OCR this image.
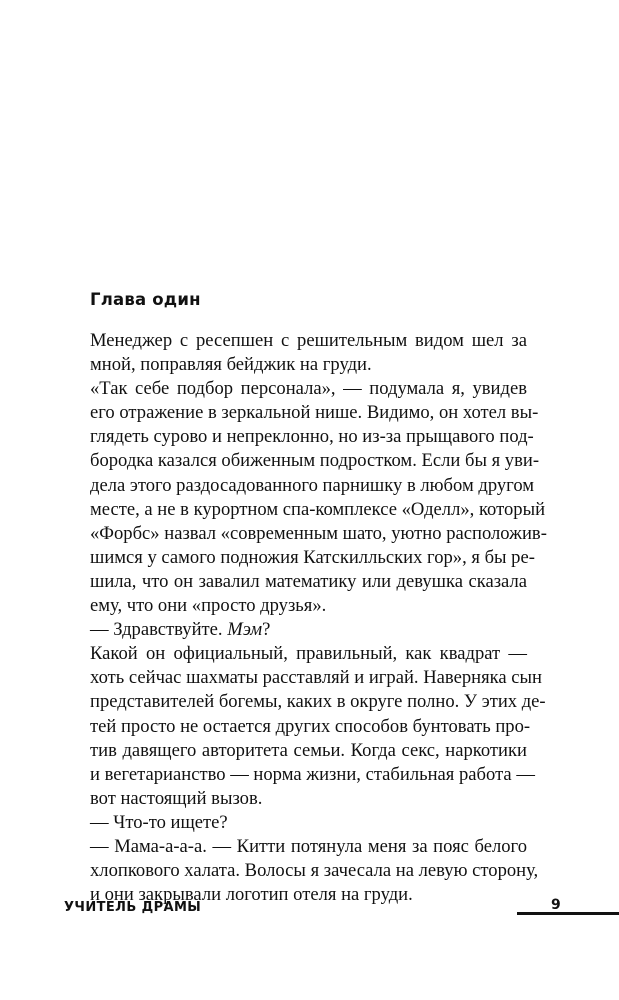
Глава один
Менеджер с ресепшен с решительным видом шел за
мной, поправляя бейджик на груди.
«Так себе подбор персонала», — подумала я, увидев
его отражение в зеркальной нише. Видимо, он хотел вы-
глядеть сурово и непреклонно, но из-за прыщавого под-
бородка казался обиженным подростком. Если бы я уви-
дела этого раздосадованного парнишку в любом другом
месте, а не в курортном спа-комплексе «Оделл», который
«Форбс» назвал «современным шато, уютно расположив-
шимся у самого подножия Катскилльских гор», я бы ре-
шила, что он завалил математику или девушка сказала
ему, что они «просто друзья».
— Здравствуйте. Мэм?
Какой он официальный, правильный, как квадрат —
хоть сейчас шахматы расставляй и играй. Наверняка сын
представителей богемы, каких в округе полно. У этих де-
тей просто не остается других способов бунтовать про-
тив давящего авторитета семьи. Когда секс, наркотики
и вегетарианство — норма жизни, стабильная работа —
вот настоящий вызов.
— Что-то ищете?
— Мама-а-а-а. — Китти потянула меня за пояс белого
хлопкового халата. Волосы я зачесала на левую сторону,
и они закрывали логотип отеля на груди.
УЧИТЕЛЬ ДРАМЫ	9
